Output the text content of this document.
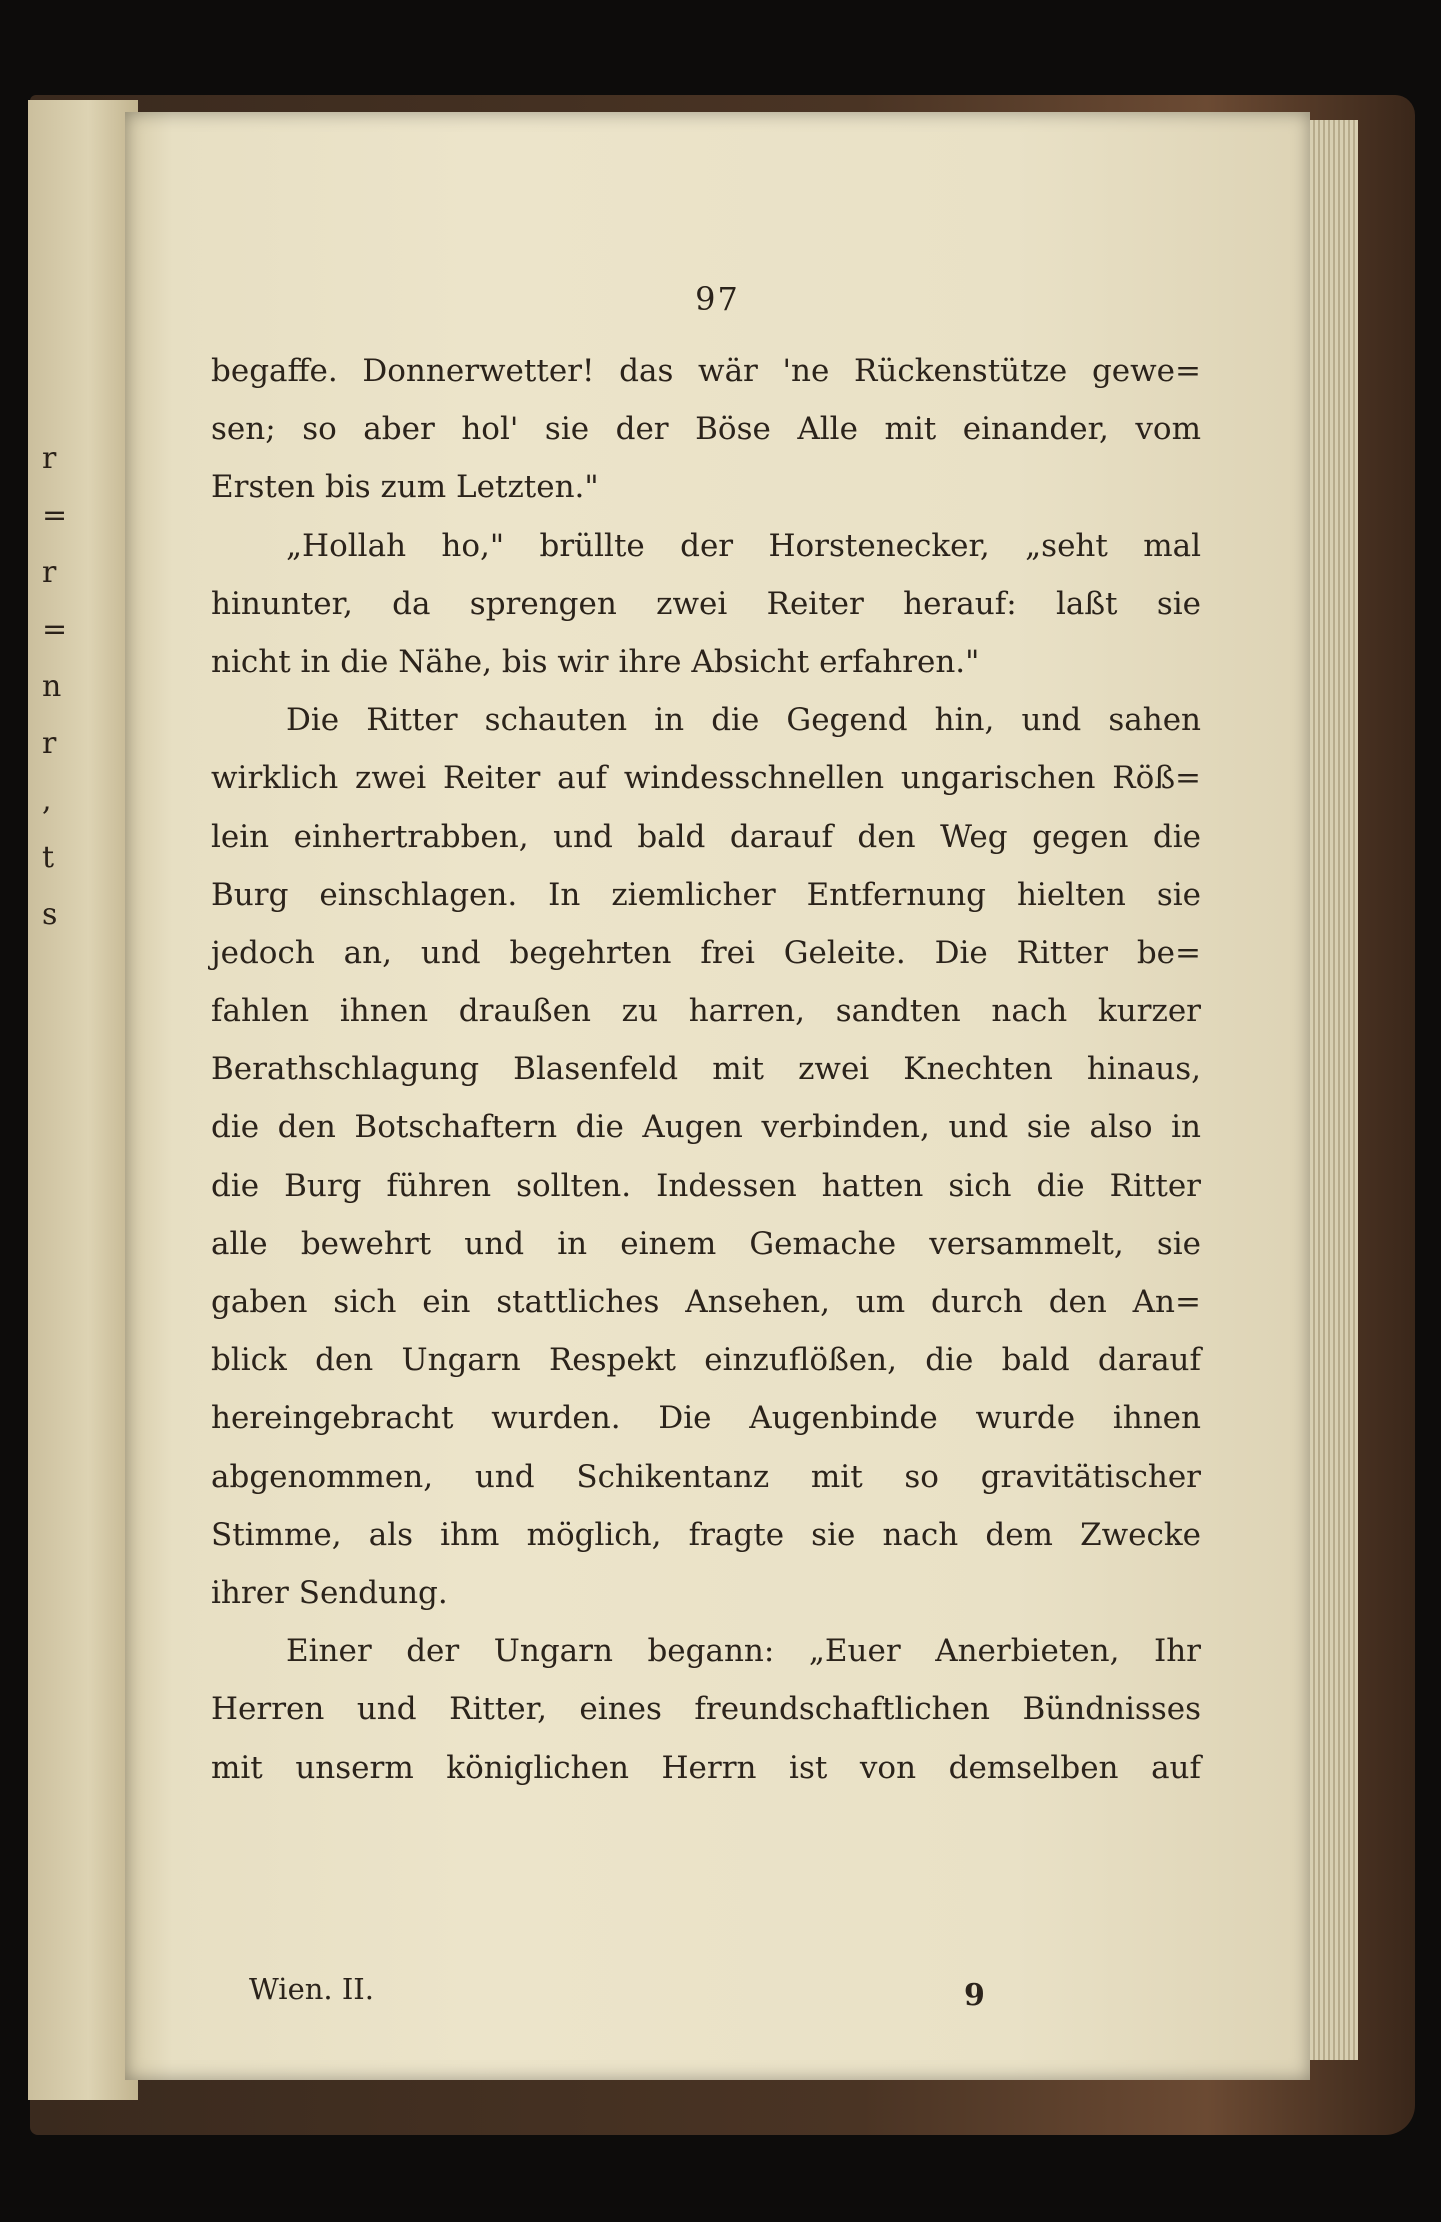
r
=
r
=
n
r
,
t
s
97
begaffe. Donnerwetter! das wär 'ne Rückenstütze gewe=
sen; so aber hol' sie der Böse Alle mit einander, vom
Ersten bis zum Letzten."
„Hollah ho," brüllte der Horstenecker, „seht mal
hinunter, da sprengen zwei Reiter herauf: laßt sie
nicht in die Nähe, bis wir ihre Absicht erfahren."
Die Ritter schauten in die Gegend hin, und sahen
wirklich zwei Reiter auf windesschnellen ungarischen Röß=
lein einhertrabben, und bald darauf den Weg gegen die
Burg einschlagen. In ziemlicher Entfernung hielten sie
jedoch an, und begehrten frei Geleite. Die Ritter be=
fahlen ihnen draußen zu harren, sandten nach kurzer
Berathschlagung Blasenfeld mit zwei Knechten hinaus,
die den Botschaftern die Augen verbinden, und sie also in
die Burg führen sollten. Indessen hatten sich die Ritter
alle bewehrt und in einem Gemache versammelt, sie
gaben sich ein stattliches Ansehen, um durch den An=
blick den Ungarn Respekt einzuflößen, die bald darauf
hereingebracht wurden. Die Augenbinde wurde ihnen
abgenommen, und Schikentanz mit so gravitätischer
Stimme, als ihm möglich, fragte sie nach dem Zwecke
ihrer Sendung.
Einer der Ungarn begann: „Euer Anerbieten, Ihr
Herren und Ritter, eines freundschaftlichen Bündnisses
mit unserm königlichen Herrn ist von demselben auf
Wien. II.	9
